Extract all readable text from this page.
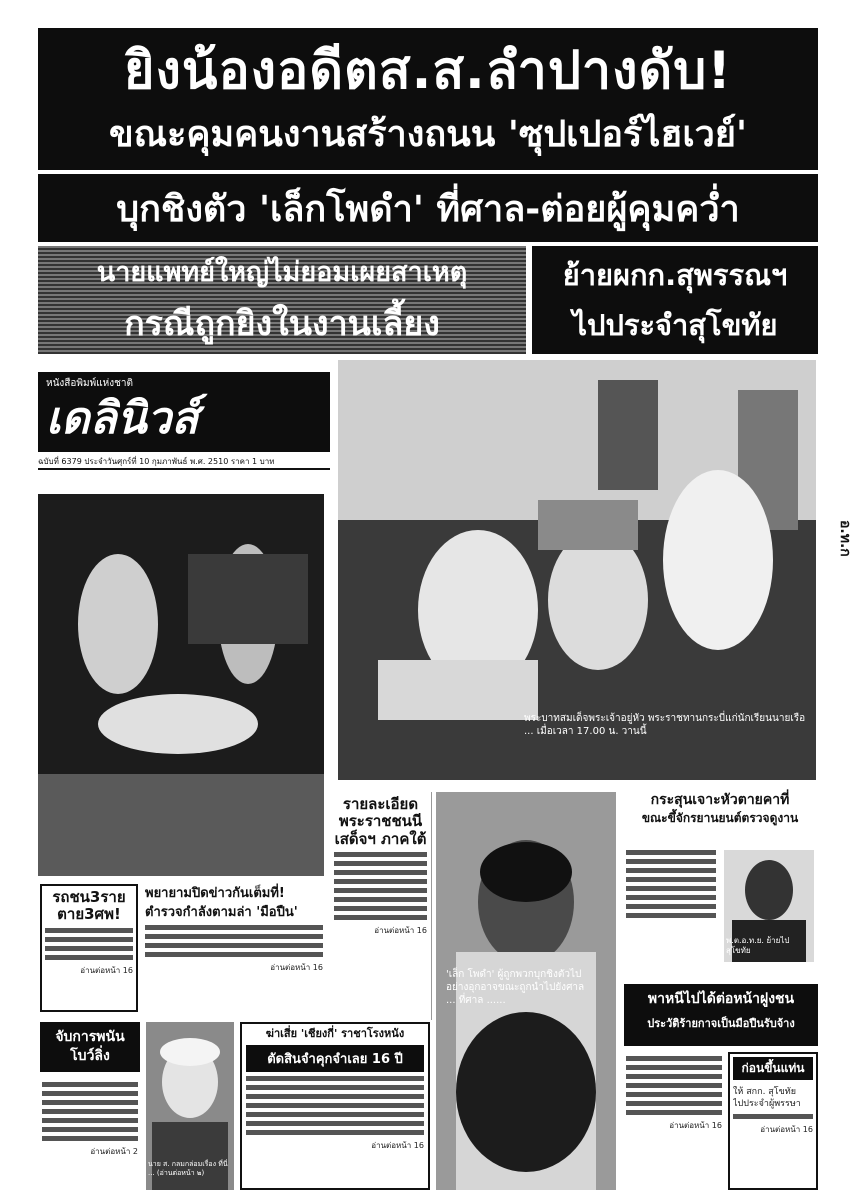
ยิงน้องอดีตส.ส.ลำปางดับ!
ขณะคุมคนงานสร้างถนน 'ซุปเปอร์ไฮเวย์'
บุกชิงตัว 'เล็กโพดำ' ที่ศาล-ต่อยผู้คุมคว่ำ
นายแพทย์ใหญ่ไม่ยอมเผยสาเหตุ
กรณีถูกยิงในงานเลี้ยง
ย้ายผกก.สุพรรณฯ
ไปประจำสุโขทัย
หนังสือพิมพ์แห่งชาติ
เดลินิวส์
ฉบับที่ 6379 ประจำวันศุกร์ที่ 10 กุมภาพันธ์ พ.ศ. 2510 ราคา 1 บาท
พระบาทสมเด็จพระเจ้าอยู่หัว พระราชทานกระบี่แก่นักเรียนนายเรือ ... เมื่อเวลา 17.00 น. วานนี้
อ.ท.ก
รายละเอียด พระราชชนนี เสด็จฯ ภาคใต้
อ่านต่อหน้า 16
'เล็ก โพดำ' ผู้ถูกพวกบุกชิงตัวไปอย่างอุกอาจขณะถูกนำไปยังศาล ... ที่ศาล ......
กระสุนเจาะหัวตายคาที่
ขณะขึ้จักรยานยนต์ตรวจดูงาน
พ.ต.อ.ท.ย. ย้ายไปสุโขทัย
รถชน3ราย ตาย3ศพ!
อ่านต่อหน้า 16
พยายามปิดข่าวกันเต็มที่!
ตำรวจกำลังตามล่า 'มือปืน'
อ่านต่อหน้า 16
พาหนีไปได้ต่อหน้าฝูงชน
ประวัติร้ายกาจเป็นมือปืนรับจ้าง
อ่านต่อหน้า 16
ก่อนขึ้นแท่น
ให้ สกก. สุโขทัย
ไปประจำผู้พรรษา
อ่านต่อหน้า 16
จับการพนัน โบว์ลิ่ง
อ่านต่อหน้า 2
นาย ส. กลมกล่อมเรื่อง ที่นี่ ... (อ่านต่อหน้า ๒)
ฆ่าเสี่ย 'เชียงกี่' ราชาโรงหนัง
ตัดสินจำคุกจำเลย 16 ปี
อ่านต่อหน้า 16
